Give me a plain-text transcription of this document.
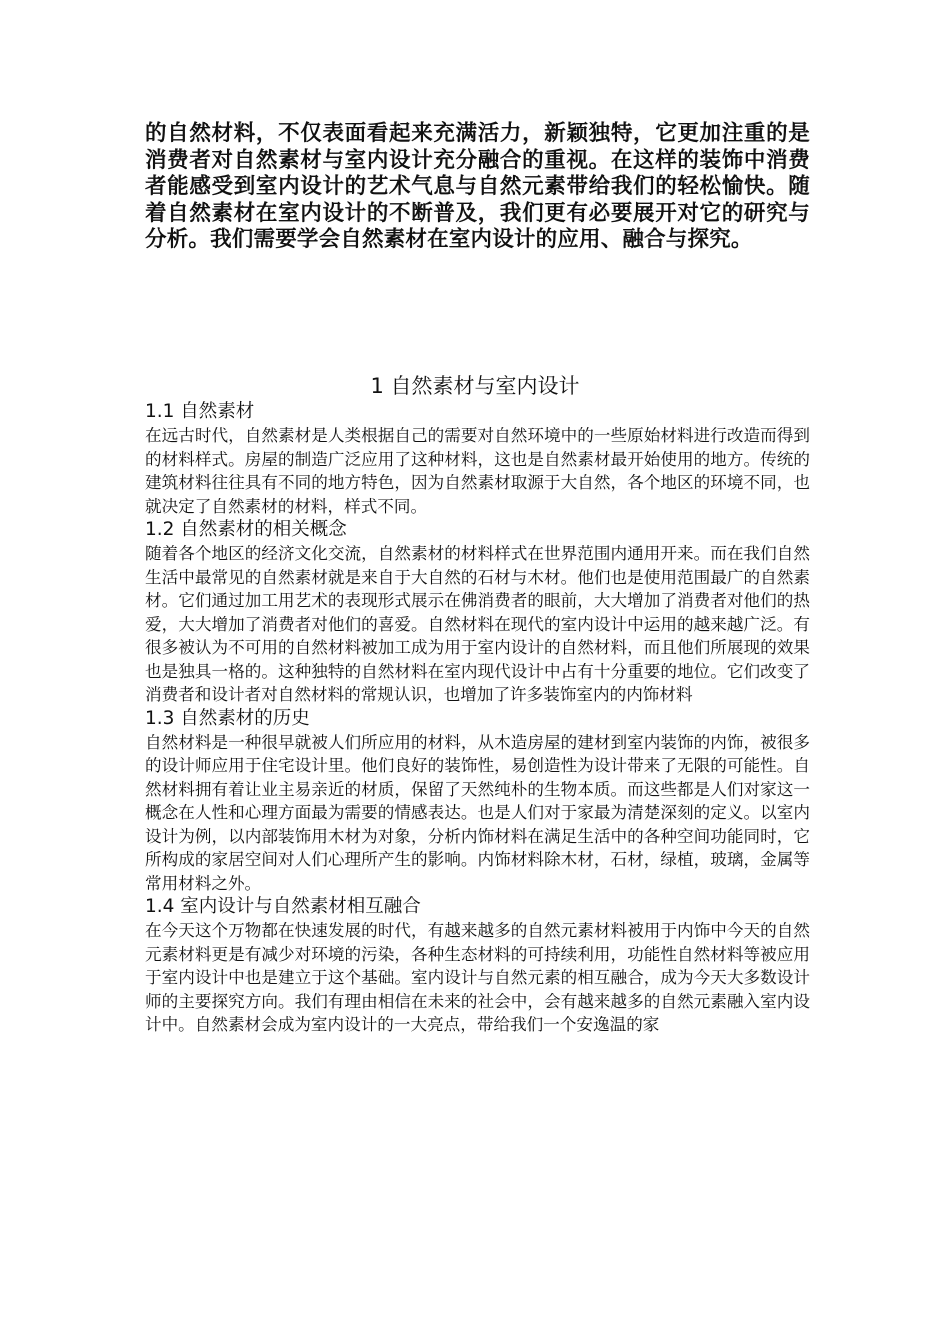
的自然材料，不仅表面看起来充满活力，新颖独特，它更加注重的是消费者对自然素材与室内设计充分融合的重视。在这样的装饰中消费者能感受到室内设计的艺术气息与自然元素带给我们的轻松愉快。随着自然素材在室内设计的不断普及，我们更有必要展开对它的研究与分析。我们需要学会自然素材在室内设计的应用、融合与探究。

1 自然素材与室内设计
1.1 自然素材

在远古时代，自然素材是人类根据自己的需要对自然环境中的一些原始材料进行改造而得到的材料样式。房屋的制造广泛应用了这种材料，这也是自然素材最开始使用的地方。传统的建筑材料往往具有不同的地方特色，因为自然素材取源于大自然，各个地区的环境不同，也就决定了自然素材的材料，样式不同。

1.2 自然素材的相关概念

随着各个地区的经济文化交流，自然素材的材料样式在世界范围内通用开来。而在我们自然生活中最常见的自然素材就是来自于大自然的石材与木材。他们也是使用范围最广的自然素材。它们通过加工用艺术的表现形式展示在佛消费者的眼前，大大增加了消费者对他们的热爱，大大增加了消费者对他们的喜爱。自然材料在现代的室内设计中运用的越来越广泛。有很多被认为不可用的自然材料被加工成为用于室内设计的自然材料，而且他们所展现的效果也是独具一格的。这种独特的自然材料在室内现代设计中占有十分重要的地位。它们改变了消费者和设计者对自然材料的常规认识，也增加了许多装饰室内的内饰材料

1.3 自然素材的历史

自然材料是一种很早就被人们所应用的材料，从木造房屋的建材到室内装饰的内饰，被很多的设计师应用于住宅设计里。他们良好的装饰性，易创造性为设计带来了无限的可能性。自然材料拥有着让业主易亲近的材质，保留了天然纯朴的生物本质。而这些都是人们对家这一概念在人性和心理方面最为需要的情感表达。也是人们对于家最为清楚深刻的定义。以室内设计为例，以内部装饰用木材为对象，分析内饰材料在满足生活中的各种空间功能同时，它所构成的家居空间对人们心理所产生的影响。内饰材料除木材，石材，绿植，玻璃，金属等常用材料之外。

1.4 室内设计与自然素材相互融合

在今天这个万物都在快速发展的时代，有越来越多的自然元素材料被用于内饰中今天的自然元素材料更是有减少对环境的污染，各种生态材料的可持续利用，功能性自然材料等被应用于室内设计中也是建立于这个基础。室内设计与自然元素的相互融合，成为今天大多数设计师的主要探究方向。我们有理由相信在未来的社会中，会有越来越多的自然元素融入室内设计中。自然素材会成为室内设计的一大亮点，带给我们一个安逸温的家
